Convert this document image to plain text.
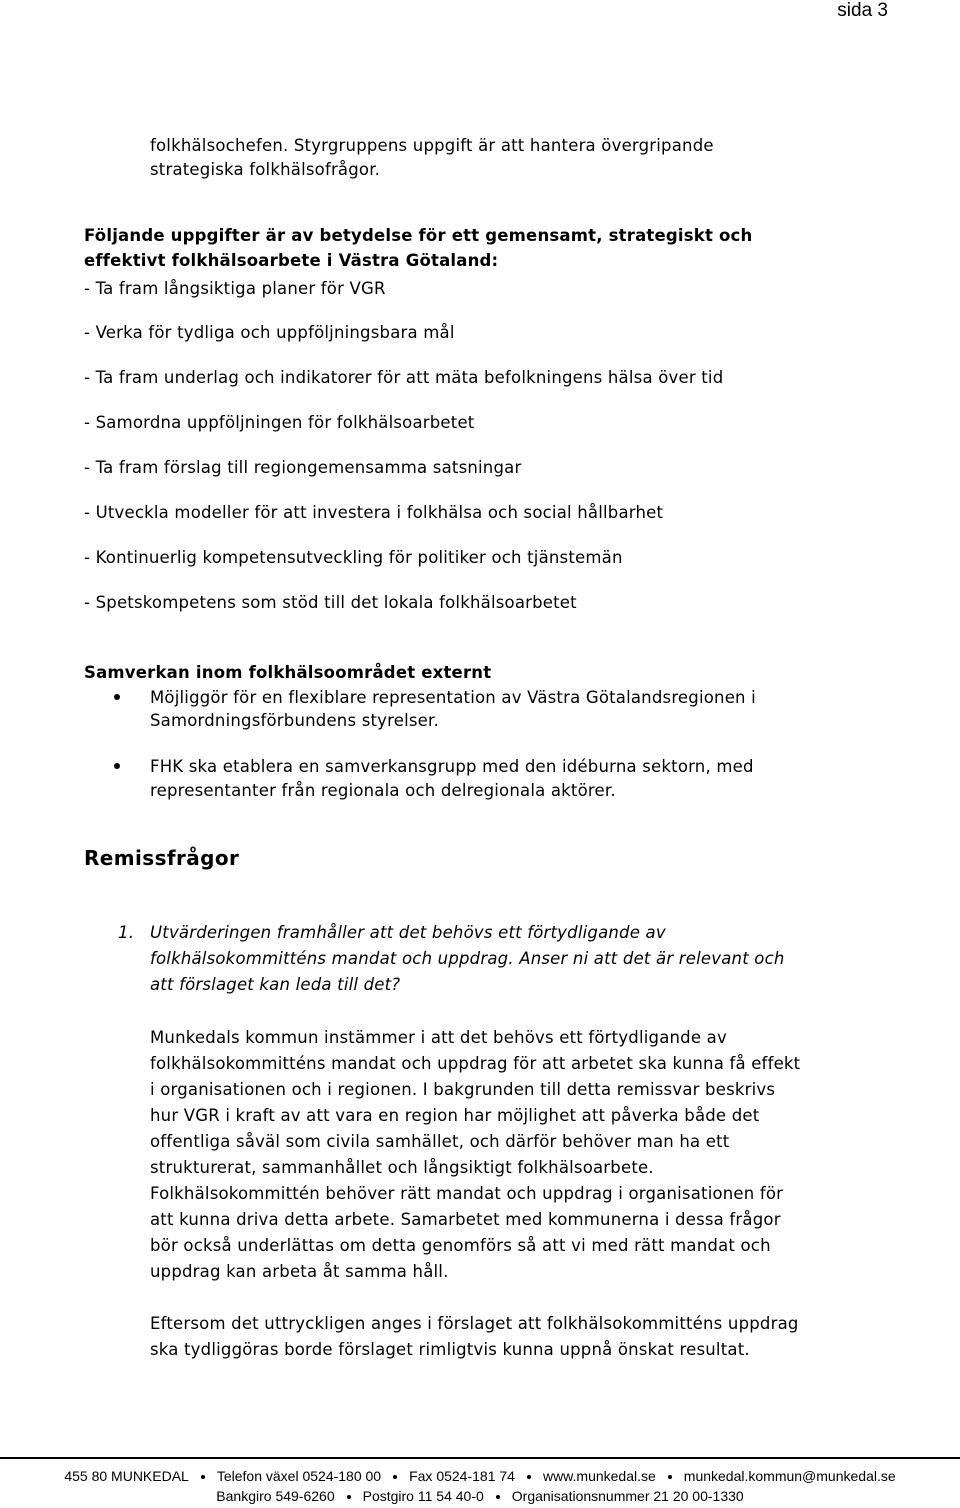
sida 3

folkhälsochefen. Styrgruppens uppgift är att hantera övergripande

strategiska folkhälsofrågor.

Följande uppgifter är av betydelse för ett gemensamt, strategiskt och

effektivt folkhälsoarbete i Västra Götaland:

- Ta fram långsiktiga planer för VGR

- Verka för tydliga och uppföljningsbara mål

- Ta fram underlag och indikatorer för att mäta befolkningens hälsa över tid

- Samordna uppföljningen för folkhälsoarbetet

- Ta fram förslag till regiongemensamma satsningar

- Utveckla modeller för att investera i folkhälsa och social hållbarhet

- Kontinuerlig kompetensutveckling för politiker och tjänstemän

- Spetskompetens som stöd till det lokala folkhälsoarbetet

Samverkan inom folkhälsoområdet externt

Möjliggör för en flexiblare representation av Västra Götalandsregionen i

Samordningsförbundens styrelser.

FHK ska etablera en samverkansgrupp med den idéburna sektorn, med

representanter från regionala och delregionala aktörer.

Remissfrågor

1. Utvärderingen framhåller att det behövs ett förtydligande av

folkhälsokommitténs mandat och uppdrag. Anser ni att det är relevant och

att förslaget kan leda till det?

Munkedals kommun instämmer i att det behövs ett förtydligande av

folkhälsokommitténs mandat och uppdrag för att arbetet ska kunna få effekt

i organisationen och i regionen. I bakgrunden till detta remissvar beskrivs

hur VGR i kraft av att vara en region har möjlighet att påverka både det

offentliga såväl som civila samhället, och därför behöver man ha ett

strukturerat, sammanhållet och långsiktigt folkhälsoarbete.

Folkhälsokommittén behöver rätt mandat och uppdrag i organisationen för

att kunna driva detta arbete. Samarbetet med kommunerna i dessa frågor

bör också underlättas om detta genomförs så att vi med rätt mandat och

uppdrag kan arbeta åt samma håll.

Eftersom det uttryckligen anges i förslaget att folkhälsokommitténs uppdrag

ska tydliggöras borde förslaget rimligtvis kunna uppnå önskat resultat.

455 80 MUNKEDAL Telefon växel 0524-180 00 Fax 0524-181 74 www.munkedal.se munkedal.kommun@munkedal.se
Bankgiro 549-6260 Postgiro 11 54 40-0 Organisationsnummer 21 20 00-1330
